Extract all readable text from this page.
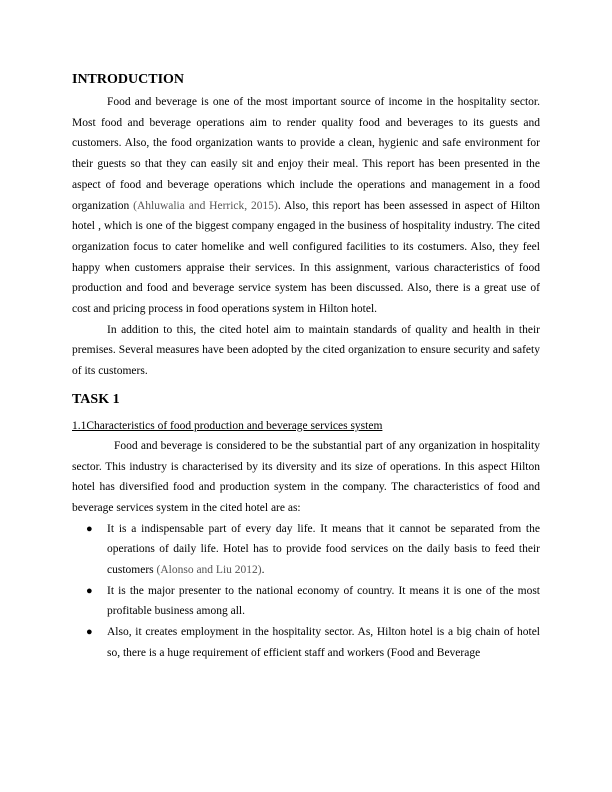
INTRODUCTION

Food and beverage is one of the most important source of income in the hospitality sector. Most food and beverage operations aim to render quality food and beverages to its guests and customers. Also, the food organization wants to provide a clean, hygienic and safe environment for their guests so that they can easily sit and enjoy their meal. This report has been presented in the aspect of food and beverage operations which include the operations and management in a food organization (Ahluwalia and Herrick, 2015). Also, this report has been assessed in aspect of Hilton hotel , which is one of the biggest company engaged in the business of hospitality industry. The cited organization focus to cater homelike and well configured facilities to its costumers. Also, they feel happy when customers appraise their services. In this assignment, various characteristics of food production and food and beverage service system has been discussed. Also, there is a great use of cost and pricing process in food operations system in Hilton hotel.

In addition to this, the cited hotel aim to maintain standards of quality and health in their premises. Several measures have been adopted by the cited organization to ensure security and safety of its customers.

TASK 1

1.1Characteristics of food production and beverage services system

Food and beverage is considered to be the substantial part of any organization in hospitality sector. This industry is characterised by its diversity and its size of operations. In this aspect Hilton hotel has diversified food and production system in the company. The characteristics of food and beverage services system in the cited hotel are as:

● It is a indispensable part of every day life. It means that it cannot be separated from the operations of daily life. Hotel has to provide food services on the daily basis to feed their customers (Alonso and Liu 2012).
● It is the major presenter to the national economy of country. It means it is one of the most profitable business among all.
● Also, it creates employment in the hospitality sector. As, Hilton hotel is a big chain of hotel so, there is a huge requirement of efficient staff and workers (Food and Beverage
